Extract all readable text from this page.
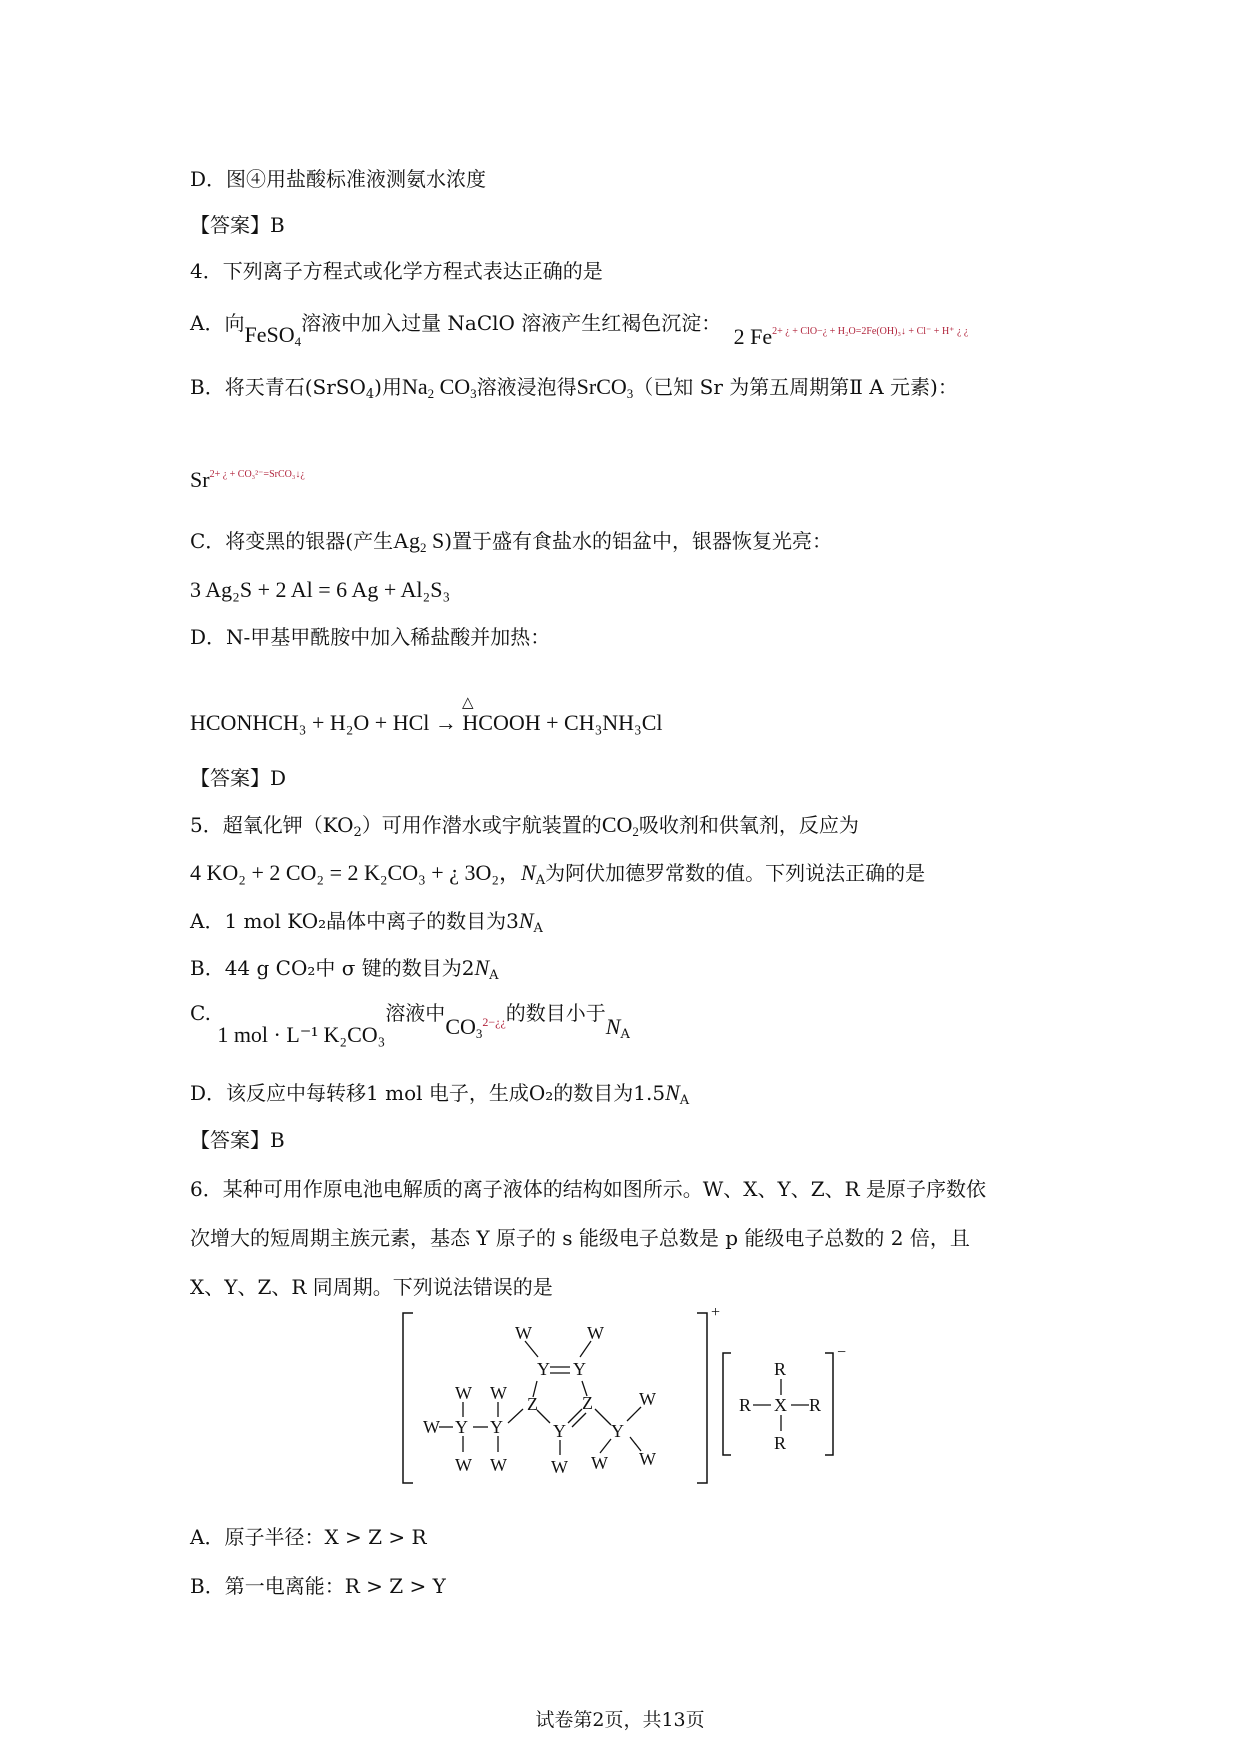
D．图④用盐酸标准液测氨水浓度
【答案】B
4．下列离子方程式或化学方程式表达正确的是
A．向FeSO$_4$溶液中加入过量 NaClO 溶液产生红褐色沉淀： 2 $Fe^{2+ ¿ + ClO-¿ + H_2O=2Fe(OH)_3↓ + Cl^- + H^+ ¿ ¿}$
B．将天青石(SrSO$_4$)用$Na_2$ $CO_3$溶液浸泡得SrCO$_3$（已知 Sr 为第五周期第Ⅱ A 元素)：
$Sr^{2+ ¿ + CO_3^{2-}=SrCO_3↓¿}$
C．将变黑的银器(产生$Ag_2$ S)置于盛有食盐水的铝盆中，银器恢复光亮：
3 Ag₂S + 2 Al = 6 Ag + Al₂S₃
D．N-甲基甲酰胺中加入稀盐酸并加热：
△
HCONHCH₃ + H₂O + HCl → HCOOH + CH₃NH₃Cl
【答案】D
5．超氧化钾$(KO_2)$可用作潜水或宇航装置的$CO_2$吸收剂和供氧剂，反应为
4 KO₂ + 2 CO₂ = 2 K₂CO₃ + ¿ 3O₂，$N_A$为阿伏加德罗常数的值。下列说法正确的是
A．1 mol KO₂晶体中离子的数目为$3N_A$
B．44 g CO₂中 σ 键的数目为$2N_A$
C. 1 mol · L⁻¹ K₂CO₃溶液中$CO_3^{2-¿¿}$的数目小于$N_A$
D．该反应中每转移1 mol 电子，生成O₂的数目为$1.5N_A$
【答案】B
6．某种可用作原电池电解质的离子液体的结构如图所示。W、X、Y、Z、R 是原子序数依
次增大的短周期主族元素，基态 Y 原子的 s 能级电子总数是 p 能级电子总数的 2 倍，且
X、Y、Z、R 同周期。下列说法错误的是
+
W Y Y
W W
W W
Z
Y Y
W	W
Z
Y
W
Y
W
W W
−
R
R X R
R
A．原子半径：X > Z > R
B．第一电离能：R > Z > Y
试卷第2页，共13页
